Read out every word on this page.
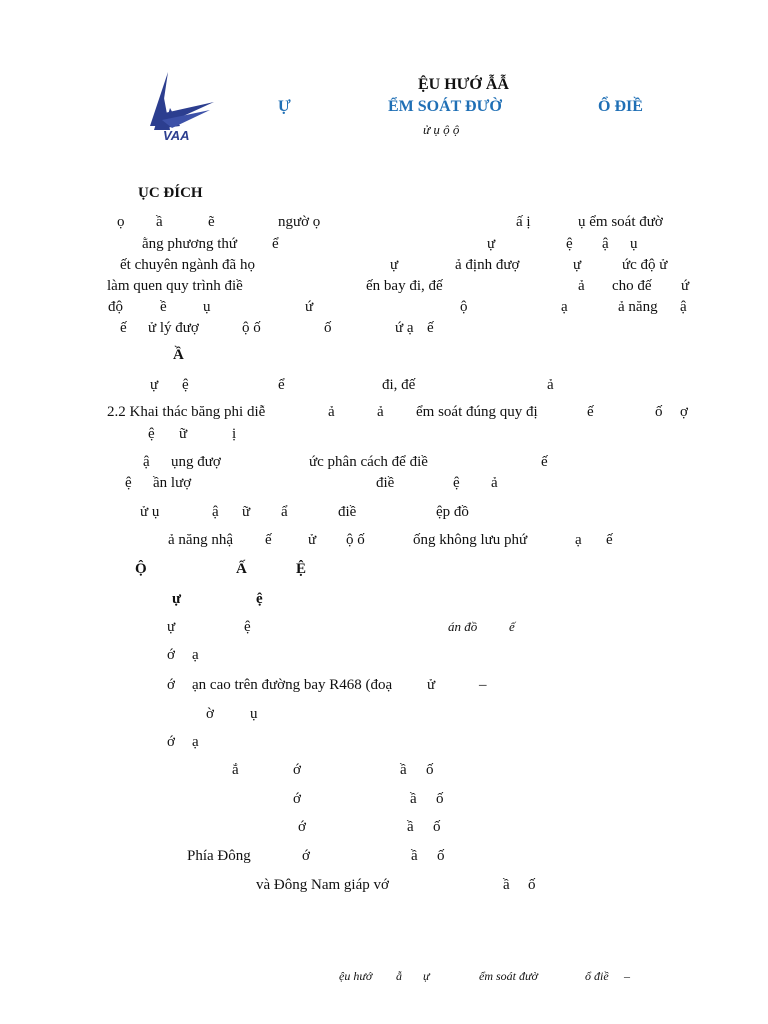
VAA
ỆU HƯỚ ẪẪ
Ự	ỂM SOÁT ĐƯỜ	Ổ ĐIỀ
ử ụ ộ ộ
ỤC ĐÍCH
ọ ầ	ẽ	ngườ ọ	ấ ị	ụ ểm soát đườ
ằng phương thứ ể	ự	ệ ậ ụ
ết chuyên ngành đã họ	ự	ả định đượ	ự	ức độ ử
làm quen quy trình điề	ến bay đi, đế	ả cho đế ứ
độ ề ụ	ứ	ộ	ạ	ả năng ậ
ế ử lý đượ	ộ ố	ố	ứ ạ ế
Ầ
ự ệ	ể	đi, đế	ả
2.2 Khai thác băng phi diễ	ả	ả ểm soát đúng quy đị	ế	ố ợ
ệ ữ	ị
ậ ụng đượ	ức phân cách để điề	ế
ệ ần lượ	điề	ệ ả
ử ụ	ậ ữ ẩ	điề	ệp đồ
ả năng nhậ ế ử ộ ố	ống không lưu phứ	ạ ế
Ộ	Ấ	Ệ
ự	ệ
ự	ệ	án đồ ế
ớ ạ
ớ ạn cao trên đường bay R468 (đoạ ử	–
ờ ụ
ớ ạ
ắ	ớ	ầ ố
ớ	ầ ố
ớ	ầ ố
Phía Đông	ớ	ầ ố
và Đông Nam giáp vớ	ầ ố
ệu hướ ẫ ự	ểm soát đườ	ổ điề –
